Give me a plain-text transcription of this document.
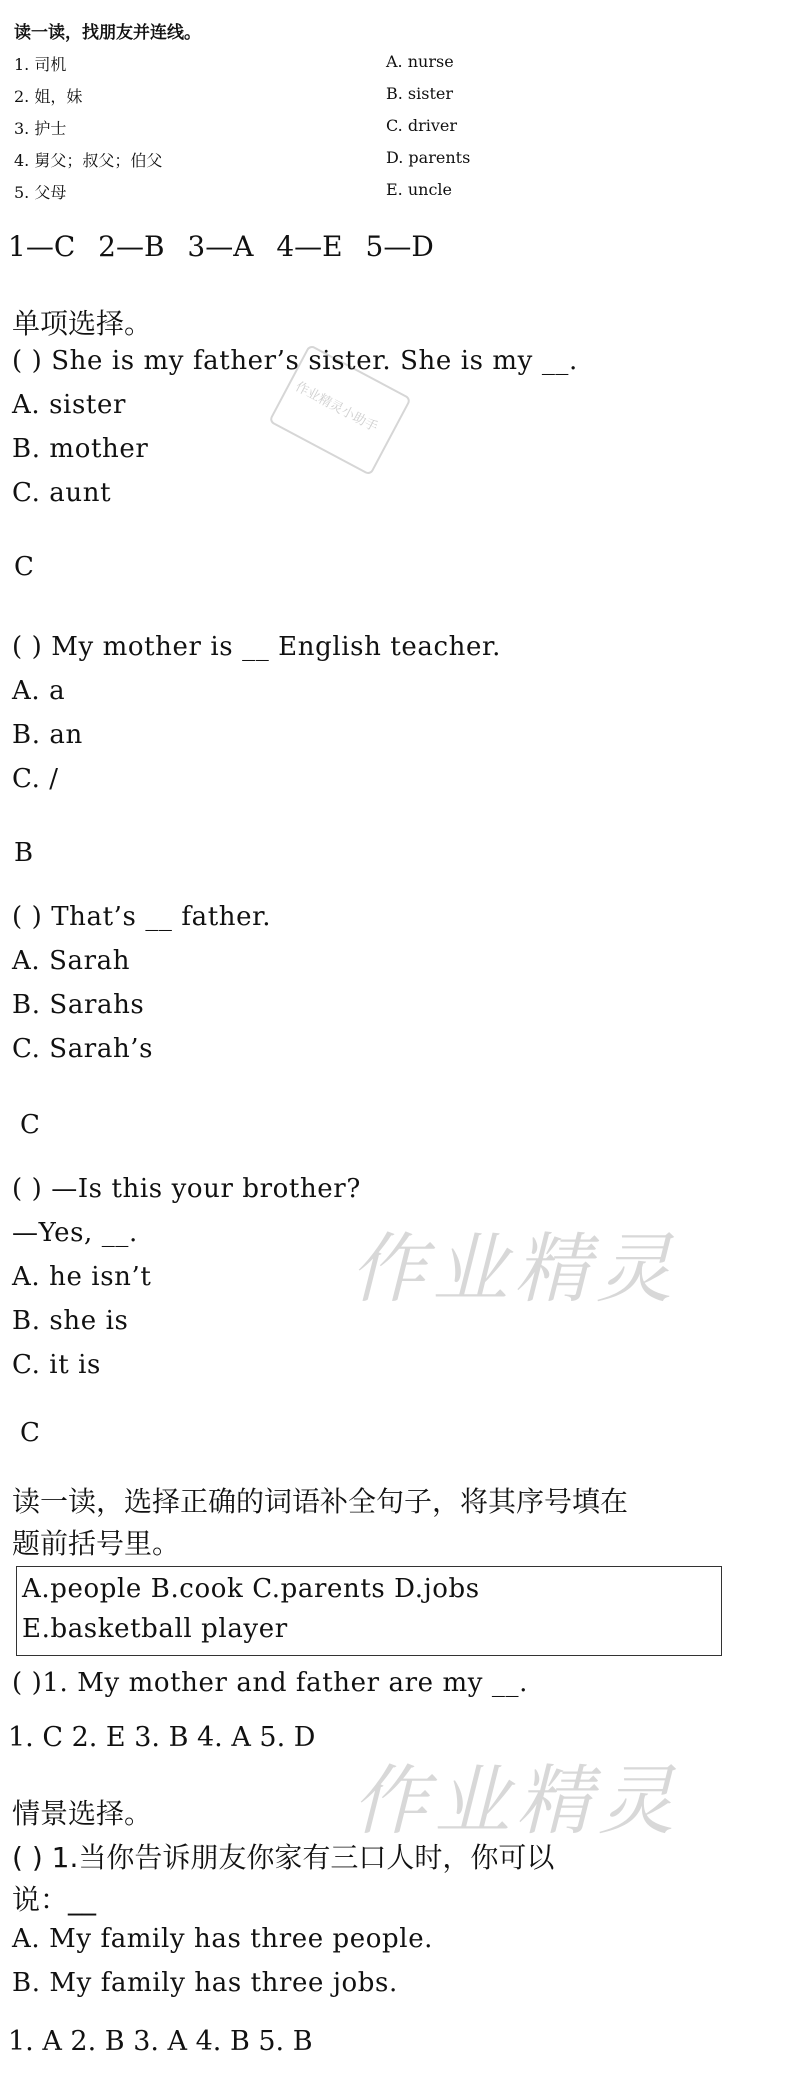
读一读，找朋友并连线。
1. 司机
2. 姐，妹
3. 护士
4. 舅父；叔父；伯父
5. 父母
A. nurse
B. sister
C. driver
D. parents
E. uncle
1—C 2—B 3—A 4—E 5—D
作业精灵小助手
单项选择。
( ) She is my father’s sister. She is my __.
A. sister
B. mother
C. aunt
C
( ) My mother is __ English teacher.
A. a
B. an
C. /
B
( ) That’s __ father.
A. Sarah
B. Sarahs
C. Sarah’s
C
作业精灵
( ) —Is this your brother?
—Yes, __.
A. he isn’t
B. she is
C. it is
C
读一读，选择正确的词语补全句子，将其序号填在
题前括号里。
A.people B.cook C.parents D.jobs
E.basketball player
( )1. My mother and father are my __.
1. C 2. E 3. B 4. A 5. D
作业精灵
情景选择。
( ) 1.当你告诉朋友你家有三口人时，你可以
说：__
A. My family has three people.
B. My family has three jobs.
1. A 2. B 3. A 4. B 5. B
